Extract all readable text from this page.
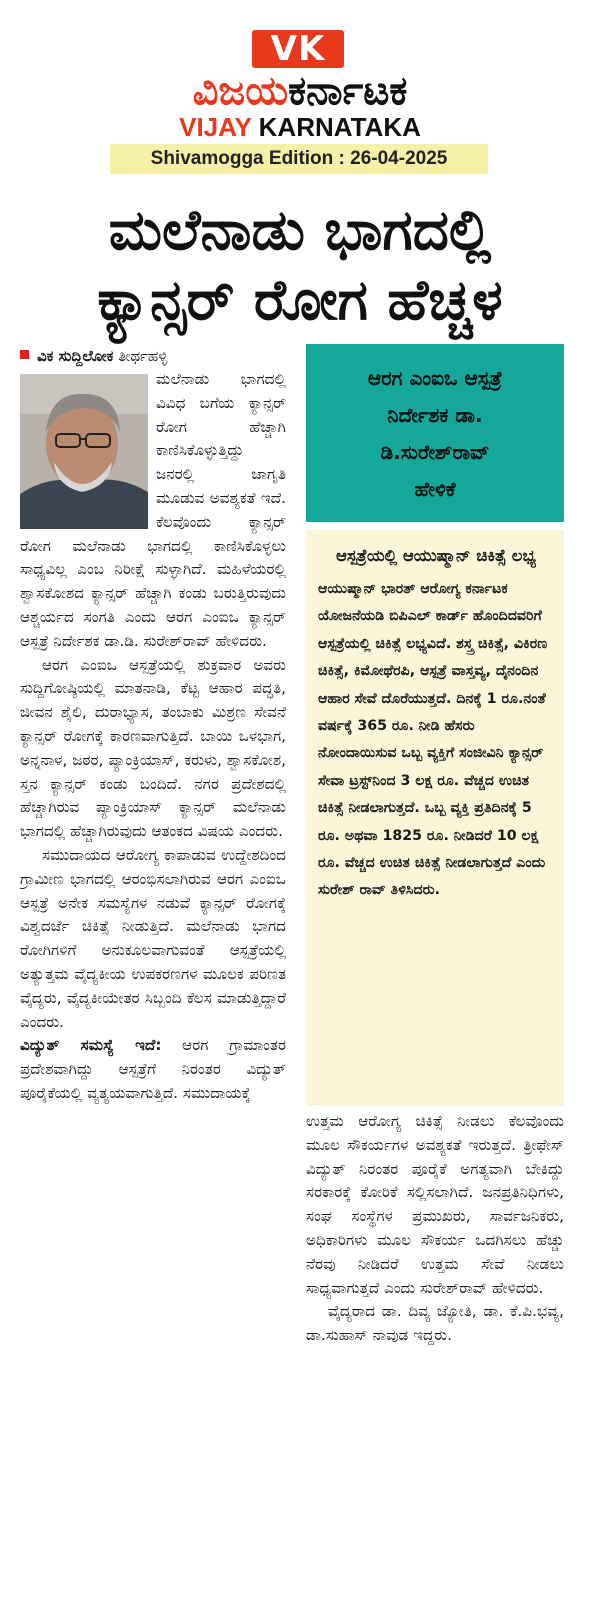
VK
ವಿಜಯಕರ್ನಾಟಕ
VIJAY KARNATAKA
Shivamogga Edition : 26-04-2025
ಮಲೆನಾಡು ಭಾಗದಲ್ಲಿ
ಕ್ಯಾನ್ಸರ್ ರೋಗ ಹೆಚ್ಚಳ
ವಿಕ ಸುದ್ದಿಲೋಕ ತೀರ್ಥಹಳ್ಳಿ

ಮಲೆನಾಡು ಭಾಗದಲ್ಲಿ ವಿವಿಧ ಬಗೆಯ ಕ್ಯಾನ್ಸರ್ ರೋಗ ಹೆಚ್ಚಾಗಿ ಕಾಣಿಸಿಕೊಳ್ಳುತ್ತಿದ್ದು ಜನರಲ್ಲಿ ಜಾಗೃತಿ ಮೂಡುವ ಅವಶ್ಯಕತೆ ಇದೆ. ಕೆಲವೊಂದು ಕ್ಯಾನ್ಸರ್ ರೋಗ ಮಲೆನಾಡು ಭಾಗದಲ್ಲಿ ಕಾಣಿಸಿಕೊಳ್ಳಲು ಸಾಧ್ಯವಿಲ್ಲ ಎಂಬ ನಿರೀಕ್ಷೆ ಸುಳ್ಳಾಗಿದೆ. ಮಹಿಳೆಯರಲ್ಲಿ ಶ್ವಾಸಕೋಶದ ಕ್ಯಾನ್ಸರ್ ಹೆಚ್ಚಾಗಿ ಕಂಡು ಬರುತ್ತಿರುವುದು ಆಶ್ಚರ್ಯದ ಸಂಗತಿ ಎಂದು ಆರಗ ಎಂಐಒ ಕ್ಯಾನ್ಸರ್ ಆಸ್ಪತ್ರೆ ನಿರ್ದೇಶಕ ಡಾ.ಡಿ. ಸುರೇಶ್‌ರಾವ್ ಹೇಳಿದರು.

ಆರಗ ಎಂಐಒ ಆಸ್ಪತ್ರೆಯಲ್ಲಿ ಶುಕ್ರವಾರ ಅವರು ಸುದ್ದಿಗೋಷ್ಠಿಯಲ್ಲಿ ಮಾತನಾಡಿ, ಕೆಟ್ಟ ಆಹಾರ ಪದ್ಧತಿ, ಜೀವನ ಶೈಲಿ, ದುರಾಭ್ಯಾಸ, ತಂಬಾಕು ಮಿಶ್ರಣ ಸೇವನೆ ಕ್ಯಾನ್ಸರ್ ರೋಗಕ್ಕೆ ಕಾರಣವಾಗುತ್ತಿದೆ. ಬಾಯಿ ಒಳಭಾಗ, ಅನ್ನನಾಳ, ಜಠರ, ಪ್ಯಾಂಕ್ರಿಯಾಸ್, ಕರುಳು, ಶ್ವಾಸಕೋಶ, ಸ್ತನ ಕ್ಯಾನ್ಸರ್ ಕಂಡು ಬಂದಿದೆ. ನಗರ ಪ್ರದೇಶದಲ್ಲಿ ಹೆಚ್ಚಾಗಿರುವ ಪ್ಯಾಂಕ್ರಿಯಾಸ್ ಕ್ಯಾನ್ಸರ್ ಮಲೆನಾಡು ಭಾಗದಲ್ಲಿ ಹೆಚ್ಚಾಗಿರುವುದು ಆತಂಕದ ವಿಷಯ ಎಂದರು.

ಸಮುದಾಯದ ಆರೋಗ್ಯ ಕಾಪಾಡುವ ಉದ್ದೇಶದಿಂದ ಗ್ರಾಮೀಣ ಭಾಗದಲ್ಲಿ ಆರಂಭಿಸಲಾಗಿರುವ ಆರಗ ಎಂಐಒ ಆಸ್ಪತ್ರೆ ಅನೇಕ ಸಮಸ್ಯೆಗಳ ನಡುವೆ ಕ್ಯಾನ್ಸರ್ ರೋಗಕ್ಕೆ ವಿಶ್ವದರ್ಜೆ ಚಿಕಿತ್ಸೆ ನೀಡುತ್ತಿದೆ. ಮಲೆನಾಡು ಭಾಗದ ರೋಗಿಗಳಿಗೆ ಅನುಕೂಲವಾಗುವಂತೆ ಆಸ್ಪತ್ರೆಯಲ್ಲಿ ಅತ್ಯುತ್ತಮ ವೈದ್ಯಕೀಯ ಉಪಕರಣಗಳ ಮೂಲಕ ಪರಿಣತ ವೈದ್ಯರು, ವೈದ್ಯಕೀಯೇತರ ಸಿಬ್ಬಂದಿ ಕೆಲಸ ಮಾಡುತ್ತಿದ್ದಾರೆ ಎಂದರು.

ವಿದ್ಯುತ್ ಸಮಸ್ಯೆ ಇದೆ: ಆರಗ ಗ್ರಾಮಾಂತರ ಪ್ರದೇಶವಾಗಿದ್ದು ಆಸ್ಪತ್ರೆಗೆ ನಿರಂತರ ವಿದ್ಯುತ್ ಪೂರೈಕೆಯಲ್ಲಿ ವ್ಯತ್ಯಯವಾಗುತ್ತಿದೆ. ಸಮುದಾಯಕ್ಕೆ

ಆರಗ ಎಂಐಒ ಆಸ್ಪತ್ರೆ
ನಿರ್ದೇಶಕ ಡಾ.
ಡಿ.ಸುರೇಶ್‌ರಾವ್
ಹೇಳಿಕೆ
ಆಸ್ಪತ್ರೆಯಲ್ಲಿ ಆಯುಷ್ಮಾನ್ ಚಿಕಿತ್ಸೆ ಲಭ್ಯ
ಆಯುಷ್ಮಾನ್ ಭಾರತ್ ಆರೋಗ್ಯ ಕರ್ನಾಟಕ ಯೋಜನೆಯಡಿ ಬಿಪಿಎಲ್ ಕಾರ್ಡ್ ಹೊಂದಿದವರಿಗೆ ಆಸ್ಪತ್ರೆಯಲ್ಲಿ ಚಿಕಿತ್ಸೆ ಲಭ್ಯವಿದೆ. ಶಸ್ತ್ರ ಚಿಕಿತ್ಸೆ, ವಿಕಿರಣ ಚಿಕಿತ್ಸೆ, ಕಿಮೋಥೆರಪಿ, ಆಸ್ಪತ್ರೆ ವಾಸ್ತವ್ಯ, ದೈನಂದಿನ ಆಹಾರ ಸೇವೆ ದೊರೆಯುತ್ತದೆ. ದಿನಕ್ಕೆ 1 ರೂ.ನಂತೆ ವರ್ಷಕ್ಕೆ 365 ರೂ. ನೀಡಿ ಹೆಸರು ನೋಂದಾಯಿಸುವ ಒಬ್ಬ ವ್ಯಕ್ತಿಗೆ ಸಂಜೀವಿನಿ ಕ್ಯಾನ್ಸರ್ ಸೇವಾ ಟ್ರಸ್ಟ್‌ನಿಂದ 3 ಲಕ್ಷ ರೂ. ವೆಚ್ಚದ ಉಚಿತ ಚಿಕಿತ್ಸೆ ನೀಡಲಾಗುತ್ತದೆ. ಒಬ್ಬ ವ್ಯಕ್ತಿ ಪ್ರತಿದಿನಕ್ಕೆ 5 ರೂ. ಅಥವಾ 1825 ರೂ. ನೀಡಿದರೆ 10 ಲಕ್ಷ ರೂ. ವೆಚ್ಚದ ಉಚಿತ ಚಿಕಿತ್ಸೆ ನೀಡಲಾಗುತ್ತದೆ ಎಂದು ಸುರೇಶ್ ರಾವ್ ತಿಳಿಸಿದರು.

ಉತ್ತಮ ಆರೋಗ್ಯ ಚಿಕಿತ್ಸೆ ನೀಡಲು ಕೆಲವೊಂದು ಮೂಲ ಸೌಕರ್ಯಗಳ ಅವಶ್ಯಕತೆ ಇರುತ್ತದೆ. ತ್ರೀಫೇಸ್ ವಿದ್ಯುತ್ ನಿರಂತರ ಪೂರೈಕೆ ಅಗತ್ಯವಾಗಿ ಬೇಕಿದ್ದು ಸರಕಾರಕ್ಕೆ ಕೋರಿಕೆ ಸಲ್ಲಿಸಲಾಗಿದೆ. ಜನಪ್ರತಿನಿಧಿಗಳು, ಸಂಘ ಸಂಸ್ಥೆಗಳ ಪ್ರಮುಖರು, ಸಾರ್ವಜನಿಕರು, ಅಧಿಕಾರಿಗಳು ಮೂಲ ಸೌಕರ್ಯ ಒದಗಿಸಲು ಹೆಚ್ಚು ನೆರವು ನೀಡಿದರೆ ಉತ್ತಮ ಸೇವೆ ನೀಡಲು ಸಾಧ್ಯವಾಗುತ್ತದೆ ಎಂದು ಸುರೇಶ್‌ರಾವ್ ಹೇಳಿದರು.

ವೈದ್ಯರಾದ ಡಾ. ದಿವ್ಯ ಜ್ಯೋತಿ, ಡಾ. ಕೆ.ಪಿ.ಭವ್ಯ, ಡಾ.ಸುಹಾಸ್ ನಾವುಡ ಇದ್ದರು.
